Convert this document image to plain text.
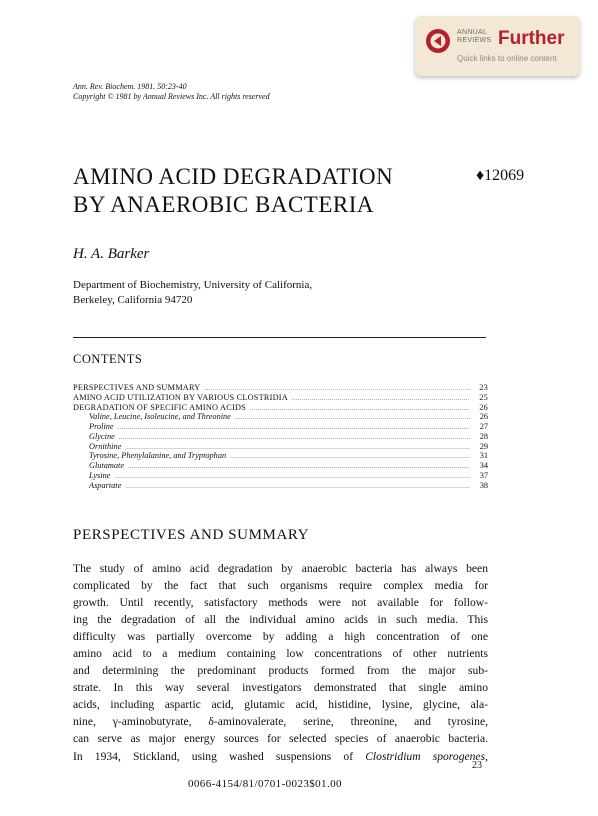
ANNUAL REVIEWS Further
Quick links to online content
Ann. Rev. Biochem. 1981. 50:23-40
Copyright © 1981 by Annual Reviews Inc. All rights reserved
AMINO ACID DEGRADATION
BY ANAEROBIC BACTERIA
♦12069
H. A. Barker
Department of Biochemistry, University of California,
Berkeley, California 94720
CONTENTS
PERSPECTIVES AND SUMMARY .....	23
AMINO ACID UTILIZATION BY VARIOUS CLOSTRIDIA .....	25
DEGRADATION OF SPECIFIC AMINO ACIDS .....	26
Valine, Leucine, Isoleucine, and Threonine .....	26
Proline .....	27
Glycine .....	28
Ornithine .....	29
Tyrosine, Phenylalanine, and Tryptophan .....	31
Glutamate .....	34
Lysine .....	37
Aspartate .....	38
PERSPECTIVES AND SUMMARY
The study of amino acid degradation by anaerobic bacteria has always been
complicated by the fact that such organisms require complex media for
growth. Until recently, satisfactory methods were not available for follow-
ing the degradation of all the individual amino acids in such media. This
difficulty was partially overcome by adding a high concentration of one
amino acid to a medium containing low concentrations of other nutrients
and determining the predominant products formed from the major sub-
strate. In this way several investigators demonstrated that single amino
acids, including aspartic acid, glutamic acid, histidine, lysine, glycine, ala-
nine, γ-aminobutyrate, δ-aminovalerate, serine, threonine, and tyrosine,
can serve as major energy sources for selected species of anaerobic bacteria.
In 1934, Stickland, using washed suspensions of Clostridium sporogenes,
23
0066-4154/81/0701-0023$01.00
